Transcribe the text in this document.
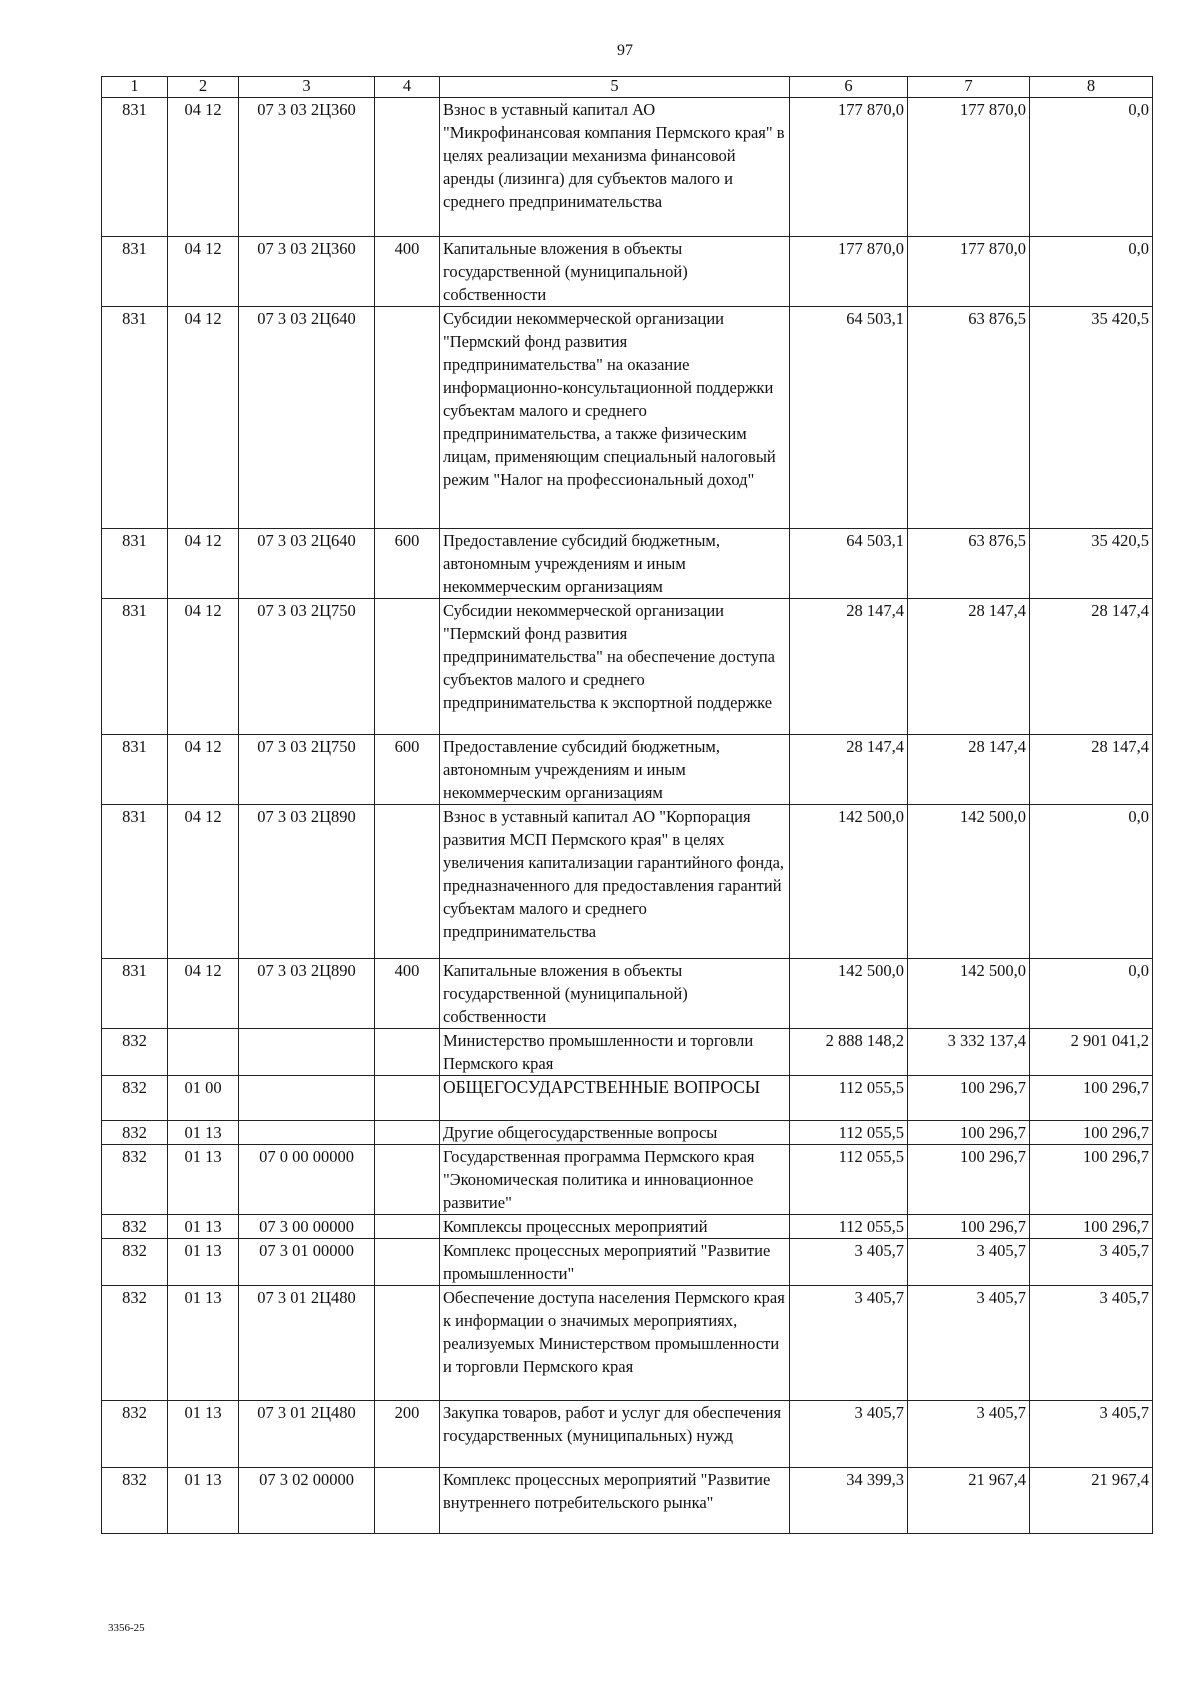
97
1	2	3	4	5	6	7	8
831	04 12	07 3 03 2Ц360		Взнос в уставный капитал АО "Микрофинансовая компания Пермского края" в целях реализации механизма финансовой аренды (лизинга) для субъектов малого и среднего предпринимательства	177 870,0	177 870,0	0,0
831	04 12	07 3 03 2Ц360	400	Капитальные вложения в объекты государственной (муниципальной) собственности	177 870,0	177 870,0	0,0
831	04 12	07 3 03 2Ц640		Субсидии некоммерческой организации "Пермский фонд развития предпринимательства" на оказание информационно-консультационной поддержки субъектам малого и среднего предпринимательства, а также физическим лицам, применяющим специальный налоговый режим "Налог на профессиональный доход"	64 503,1	63 876,5	35 420,5
831	04 12	07 3 03 2Ц640	600	Предоставление субсидий бюджетным, автономным учреждениям и иным некоммерческим организациям	64 503,1	63 876,5	35 420,5
831	04 12	07 3 03 2Ц750		Субсидии некоммерческой организации "Пермский фонд развития предпринимательства" на обеспечение доступа субъектов малого и среднего предпринимательства к экспортной поддержке	28 147,4	28 147,4	28 147,4
831	04 12	07 3 03 2Ц750	600	Предоставление субсидий бюджетным, автономным учреждениям и иным некоммерческим организациям	28 147,4	28 147,4	28 147,4
831	04 12	07 3 03 2Ц890		Взнос в уставный капитал АО "Корпорация развития МСП Пермского края" в целях увеличения капитализации гарантийного фонда, предназначенного для предоставления гарантий субъектам малого и среднего предпринимательства	142 500,0	142 500,0	0,0
831	04 12	07 3 03 2Ц890	400	Капитальные вложения в объекты государственной (муниципальной) собственности	142 500,0	142 500,0	0,0
832				Министерство промышленности и торговли Пермского края	2 888 148,2	3 332 137,4	2 901 041,2
832	01 00			ОБЩЕГОСУДАРСТВЕННЫЕ ВОПРОСЫ	112 055,5	100 296,7	100 296,7
832	01 13			Другие общегосударственные вопросы	112 055,5	100 296,7	100 296,7
832	01 13	07 0 00 00000		Государственная программа Пермского края "Экономическая политика и инновационное развитие"	112 055,5	100 296,7	100 296,7
832	01 13	07 3 00 00000		Комплексы процессных мероприятий	112 055,5	100 296,7	100 296,7
832	01 13	07 3 01 00000		Комплекс процессных мероприятий "Развитие промышленности"	3 405,7	3 405,7	3 405,7
832	01 13	07 3 01 2Ц480		Обеспечение доступа населения Пермского края к информации о значимых мероприятиях, реализуемых Министерством промышленности и торговли Пермского края	3 405,7	3 405,7	3 405,7
832	01 13	07 3 01 2Ц480	200	Закупка товаров, работ и услуг для обеспечения государственных (муниципальных) нужд	3 405,7	3 405,7	3 405,7
832	01 13	07 3 02 00000		Комплекс процессных мероприятий "Развитие внутреннего потребительского рынка"	34 399,3	21 967,4	21 967,4
3356-25
